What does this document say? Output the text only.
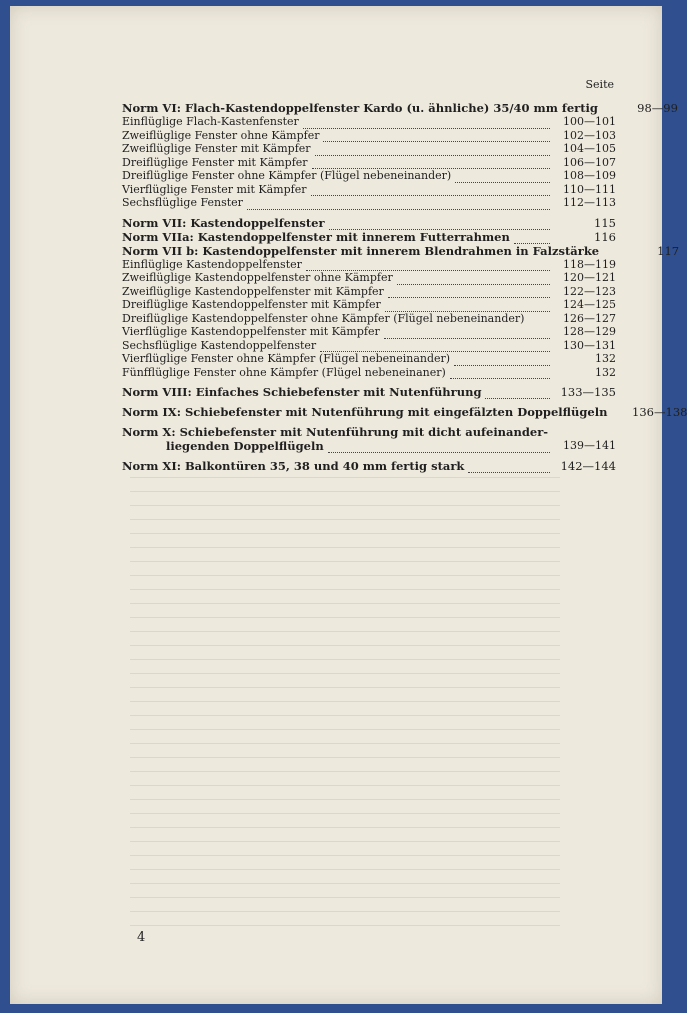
Seite
Norm VI: Flach-Kastendoppelfenster Kardo (u. ähnliche) 35/40 mm fertig	98—99
Einflüglige Flach-Kastenfenster	100—101
Zweiflüglige Fenster ohne Kämpfer	102—103
Zweiflüglige Fenster mit Kämpfer	104—105
Dreiflüglige Fenster mit Kämpfer	106—107
Dreiflüglige Fenster ohne Kämpfer (Flügel nebeneinander)	108—109
Vierflüglige Fenster mit Kämpfer	110—111
Sechsflüglige Fenster	112—113
Norm VII: Kastendoppelfenster	115
Norm VIIa: Kastendoppelfenster mit innerem Futterrahmen	116
Norm VII b: Kastendoppelfenster mit innerem Blendrahmen in Falzstärke	117
Einflüglige Kastendoppelfenster	118—119
Zweiflüglige Kastendoppelfenster ohne Kämpfer	120—121
Zweiflüglige Kastendoppelfenster mit Kämpfer	122—123
Dreiflüglige Kastendoppelfenster mit Kämpfer	124—125
Dreiflüglige Kastendoppelfenster ohne Kämpfer (Flügel nebeneinander)	126—127
Vierflüglige Kastendoppelfenster mit Kämpfer	128—129
Sechsflüglige Kastendoppelfenster	130—131
Vierflüglige Fenster ohne Kämpfer (Flügel nebeneinander)	132
Fünfflüglige Fenster ohne Kämpfer (Flügel nebeneinaner)	132
Norm VIII: Einfaches Schiebefenster mit Nutenführung	133—135
Norm IX: Schiebefenster mit Nutenführung mit eingefälzten Doppelflügeln	136—138
Norm X: Schiebefenster mit Nutenführung mit dicht aufeinander-
liegenden Doppelflügeln	139—141
Norm XI: Balkontüren 35, 38 und 40 mm fertig stark	142—144
4
